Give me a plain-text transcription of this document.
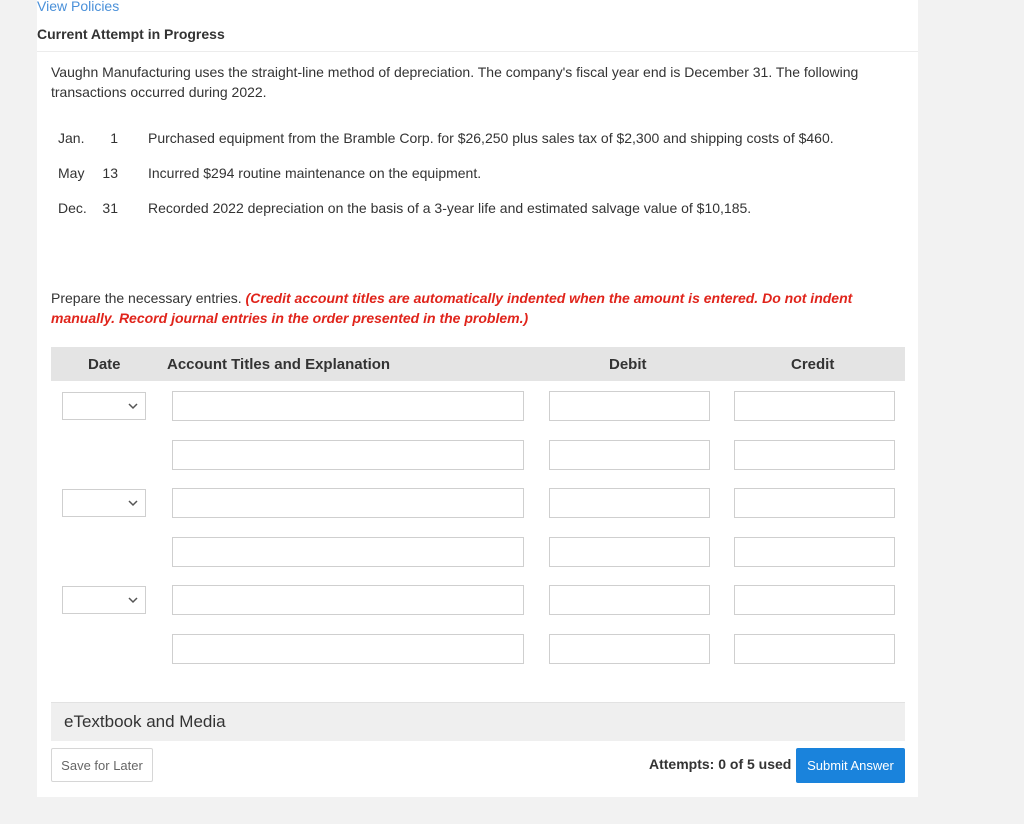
View Policies
Current Attempt in Progress
Vaughn Manufacturing uses the straight-line method of depreciation. The company's fiscal year end is December 31. The following transactions occurred during 2022.
Jan.	1 Purchased equipment from the Bramble Corp. for $26,250 plus sales tax of $2,300 and shipping costs of $460.
May	13 Incurred $294 routine maintenance on the equipment.
Dec.	31 Recorded 2022 depreciation on the basis of a 3-year life and estimated salvage value of $10,185.
Prepare the necessary entries. (Credit account titles are automatically indented when the amount is entered. Do not indent manually. Record journal entries in the order presented in the problem.)
Date	Account Titles and Explanation	Debit	Credit
eTextbook and Media
Save for Later	Attempts: 0 of 5 used	Submit Answer
